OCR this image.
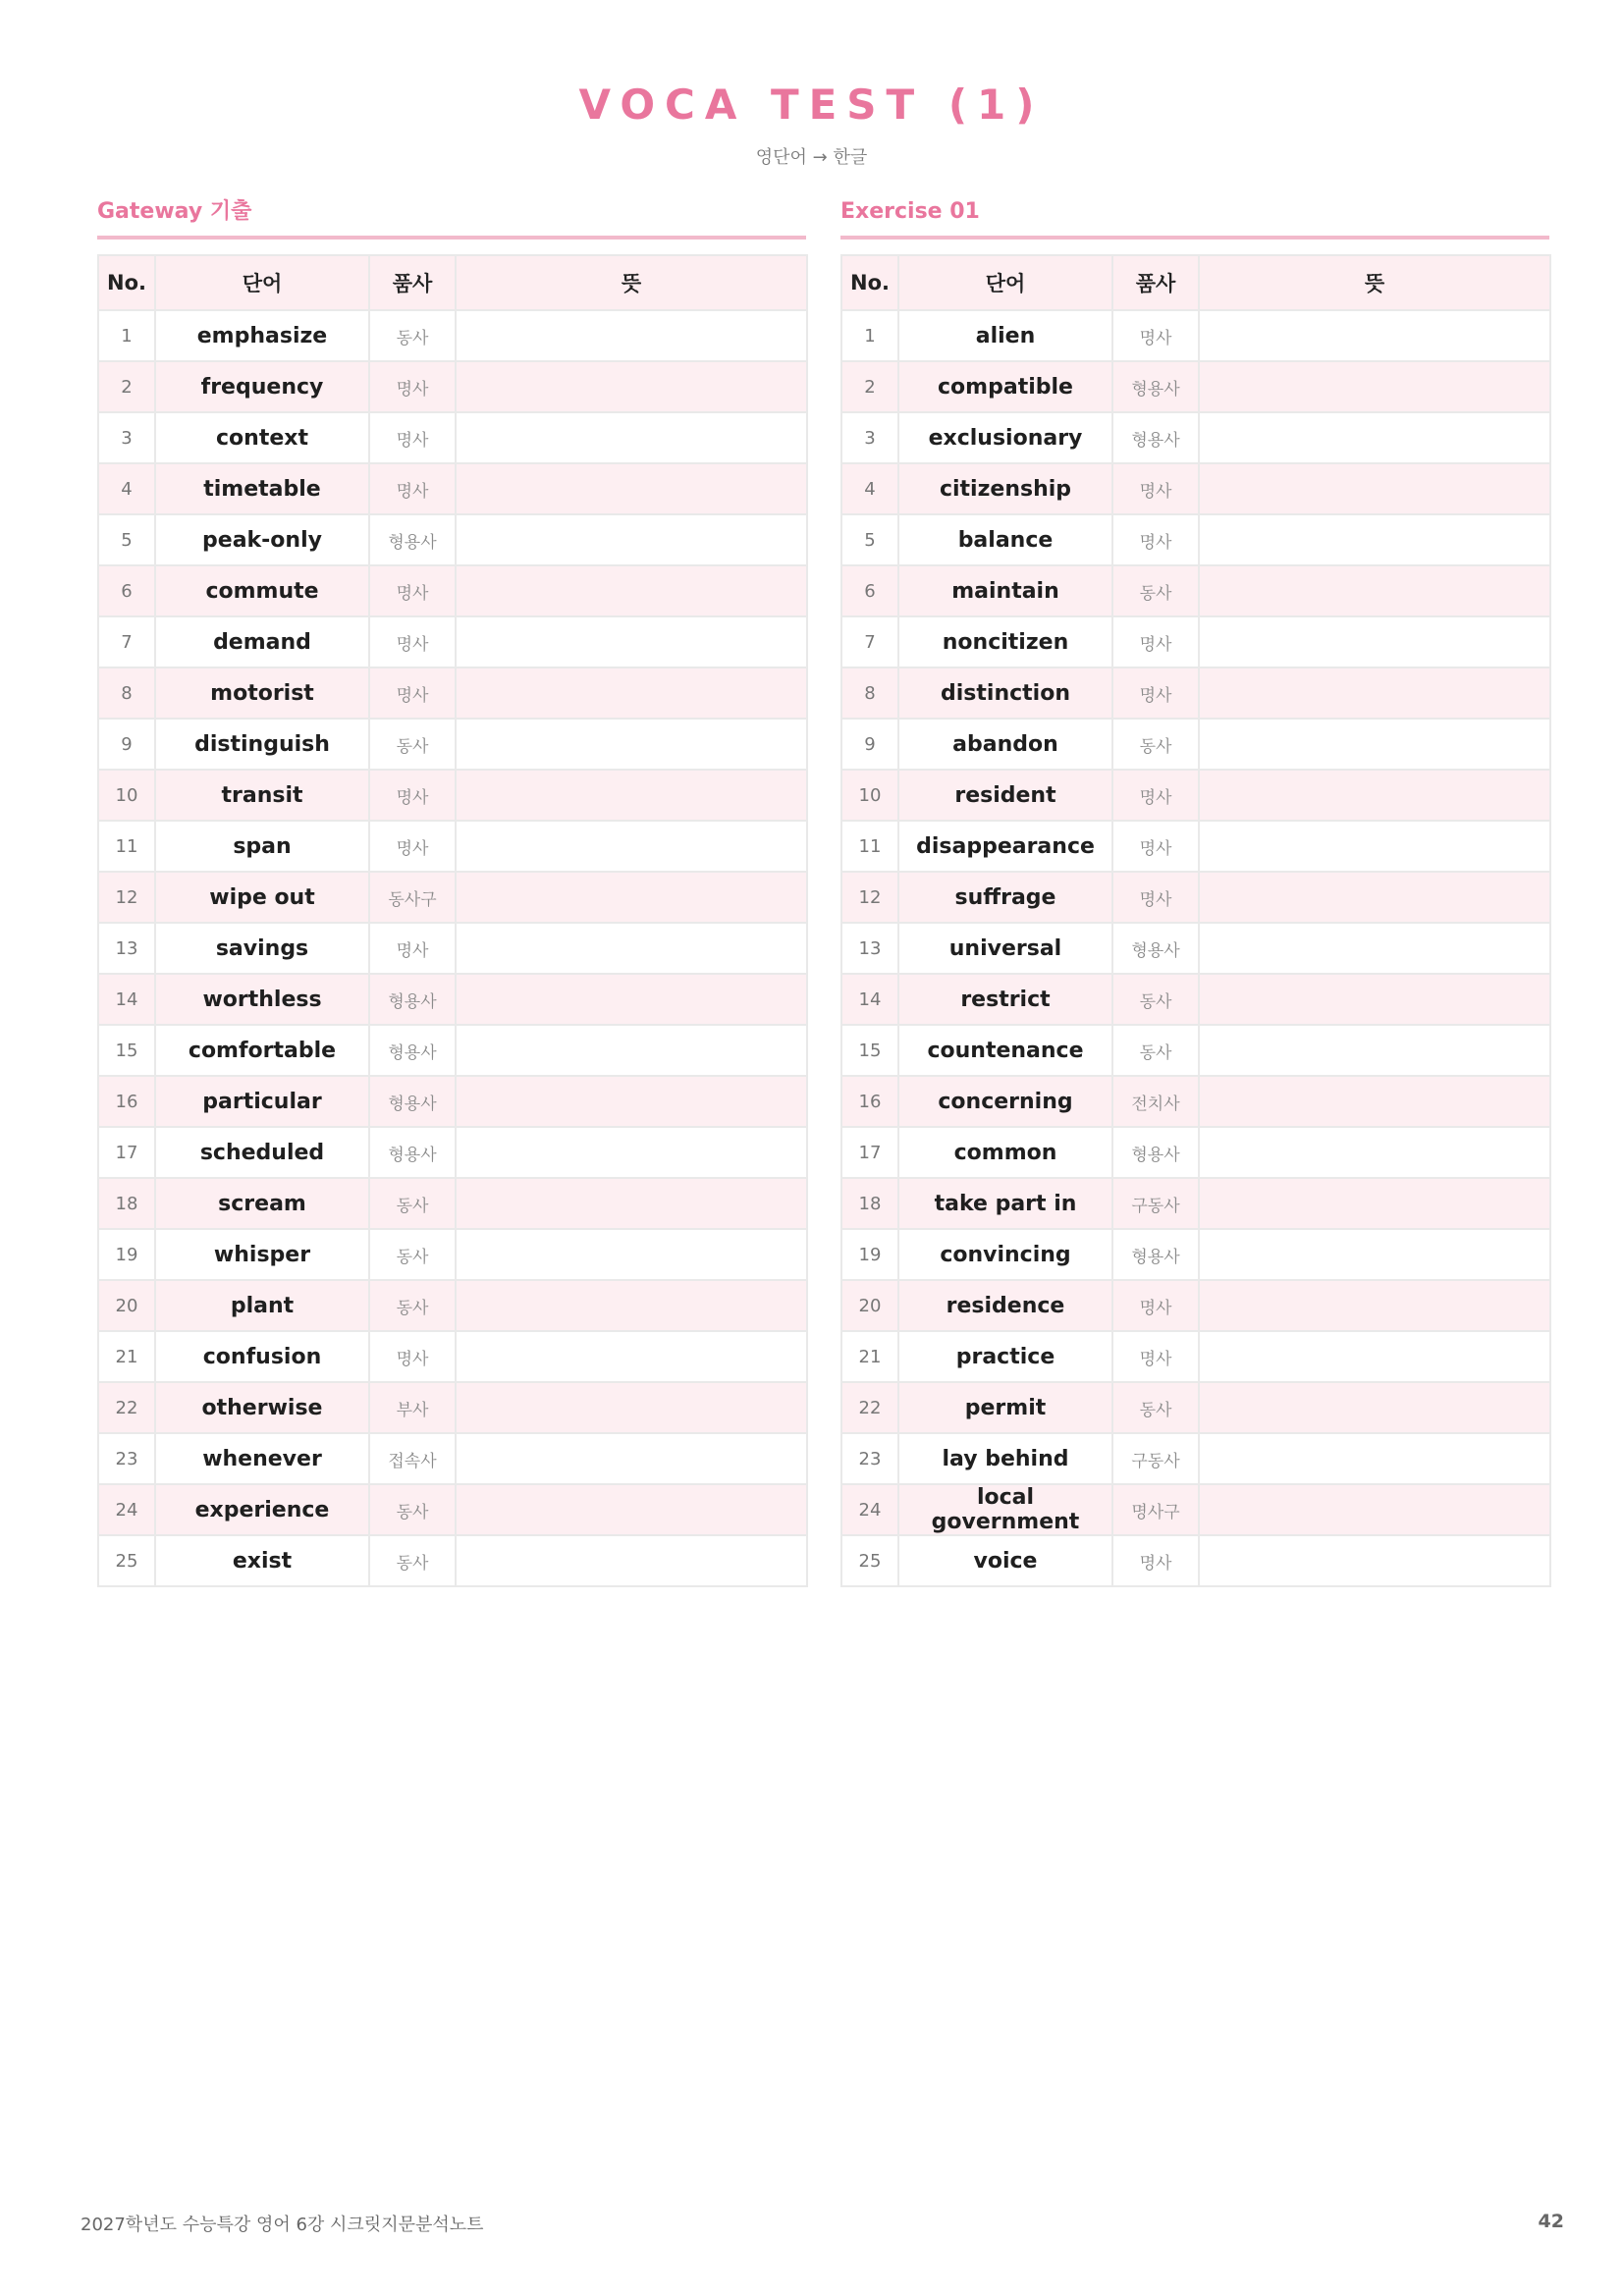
VOCA TEST (1)
영단어 → 한글
Gateway 기출
No.	단어	품사	뜻
1	emphasize	동사	
2	frequency	명사	
3	context	명사	
4	timetable	명사	
5	peak-only	형용사	
6	commute	명사	
7	demand	명사	
8	motorist	명사	
9	distinguish	동사	
10	transit	명사	
11	span	명사	
12	wipe out	동사구	
13	savings	명사	
14	worthless	형용사	
15	comfortable	형용사	
16	particular	형용사	
17	scheduled	형용사	
18	scream	동사	
19	whisper	동사	
20	plant	동사	
21	confusion	명사	
22	otherwise	부사	
23	whenever	접속사	
24	experience	동사	
25	exist	동사	
Exercise 01
No.	단어	품사	뜻
1	alien	명사	
2	compatible	형용사	
3	exclusionary	형용사	
4	citizenship	명사	
5	balance	명사	
6	maintain	동사	
7	noncitizen	명사	
8	distinction	명사	
9	abandon	동사	
10	resident	명사	
11	disappearance	명사	
12	suffrage	명사	
13	universal	형용사	
14	restrict	동사	
15	countenance	동사	
16	concerning	전치사	
17	common	형용사	
18	take part in	구동사	
19	convincing	형용사	
20	residence	명사	
21	practice	명사	
22	permit	동사	
23	lay behind	구동사	
24	local government	명사구	
25	voice	명사	
2027학년도 수능특강 영어 6강 시크릿지문분석노트	42
